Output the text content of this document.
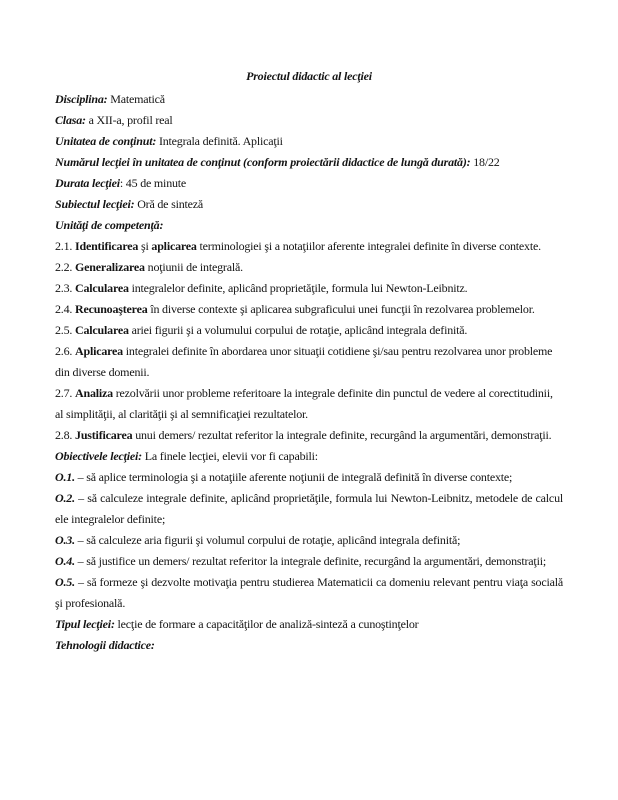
Proiectul didactic al lecţiei

Disciplina: Matematică

Clasa: a XII-a, profil real

Unitatea de conţinut: Integrala definită. Aplicaţii

Numărul lecţiei în unitatea de conţinut (conform proiectării didactice de lungă durată): 18/22

Durata lecţiei: 45 de minute

Subiectul lecţiei: Oră de sinteză

Unităţi de competenţă:

2.1. Identificarea şi aplicarea terminologiei şi a notaţiilor aferente integralei definite în diverse contexte.

2.2. Generalizarea noţiunii de integrală.

2.3. Calcularea integralelor definite, aplicând proprietăţile, formula lui Newton-Leibnitz.

2.4. Recunoaşterea în diverse contexte şi aplicarea subgraficului unei funcţii în rezolvarea problemelor.

2.5. Calcularea ariei figurii şi a volumului corpului de rotaţie, aplicând integrala definită.

2.6. Aplicarea integralei definite în abordarea unor situaţii cotidiene şi/sau pentru rezolvarea unor probleme din diverse domenii.

2.7. Analiza rezolvării unor probleme referitoare la integrale definite din punctul de vedere al corectitudinii, al simplităţii, al clarităţii şi al semnificaţiei rezultatelor.

2.8. Justificarea unui demers/ rezultat referitor la integrale definite, recurgând la argumentări, demonstraţii.

Obiectivele lecţiei: La finele lecţiei, elevii vor fi capabili:

O.1. – să aplice terminologia şi a notaţiile aferente noţiunii de integrală definită în diverse contexte;

O.2. – să calculeze integrale definite, aplicând proprietăţile, formula lui Newton-Leibnitz, metodele de calcul ele integralelor definite;

O.3. – să calculeze aria figurii şi volumul corpului de rotaţie, aplicând integrala definită;

O.4. – să justifice un demers/ rezultat referitor la integrale definite, recurgând la argumentări, demonstraţii;

O.5. – să formeze şi dezvolte motivaţia pentru studierea Matematicii ca domeniu relevant pentru viaţa socială şi profesională.

Tipul lecţiei: lecţie de formare a capacităţilor de analiză-sinteză a cunoştinţelor

Tehnologii didactice:
